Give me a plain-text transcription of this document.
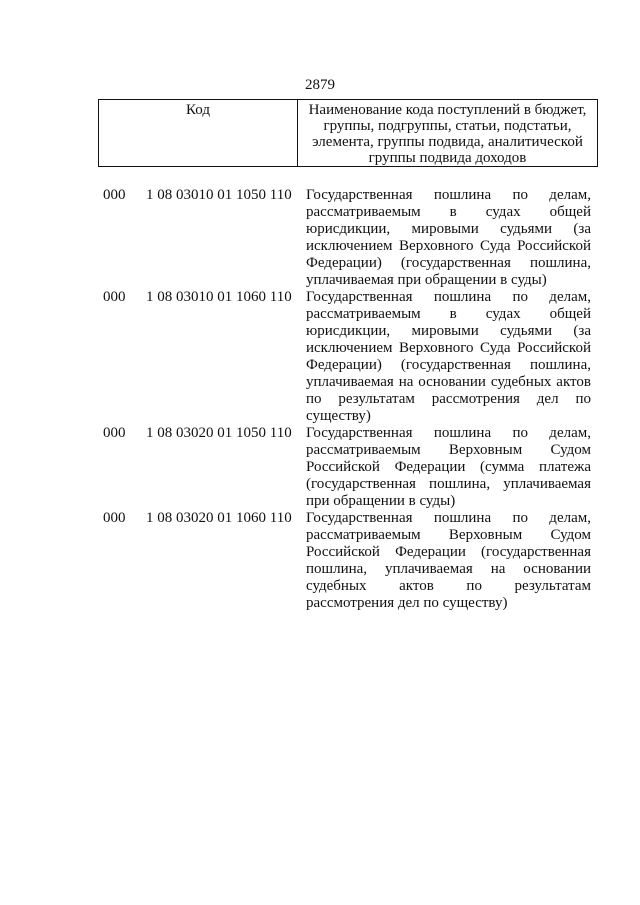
2879
Код	Наименование кода поступлений в бюджет, группы, подгруппы, статьи, подстатьи, элемента, группы подвида, аналитической группы подвида доходов
000	1 08 03010 01 1050 110 Государственная пошлина по делам, рассматриваемым в судах общей юрисдикции, мировыми судьями (за исключением Верховного Суда Российской Федерации) (государственная пошлина, уплачиваемая при обращении в суды)
000	1 08 03010 01 1060 110 Государственная пошлина по делам, рассматриваемым в судах общей юрисдикции, мировыми судьями (за исключением Верховного Суда Российской Федерации) (государственная пошлина, уплачиваемая на основании судебных актов по результатам рассмотрения дел по существу)
000	1 08 03020 01 1050 110 Государственная пошлина по делам, рассматриваемым Верховным Судом Российской Федерации (сумма платежа (государственная пошлина, уплачиваемая при обращении в суды)
000	1 08 03020 01 1060 110 Государственная пошлина по делам, рассматриваемым Верховным Судом Российской Федерации (государственная пошлина, уплачиваемая на основании судебных актов по результатам рассмотрения дел по существу)
